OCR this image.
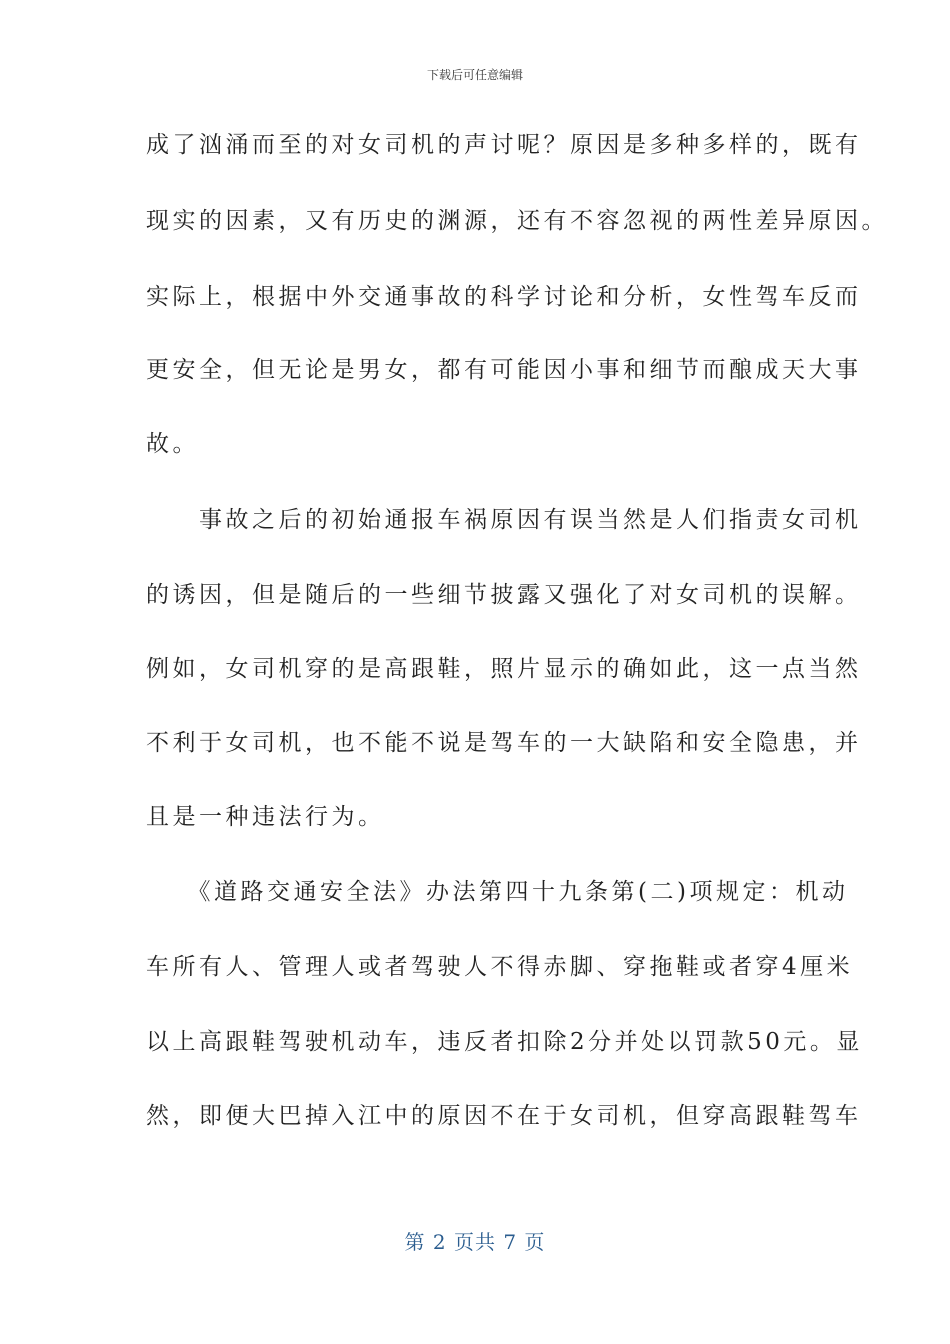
下载后可任意编辑
成了汹涌而至的对女司机的声讨呢？原因是多种多样的，既有
现实的因素，又有历史的渊源，还有不容忽视的两性差异原因。
实际上，根据中外交通事故的科学讨论和分析，女性驾车反而
更安全，但无论是男女，都有可能因小事和细节而酿成天大事
故。
　　事故之后的初始通报车祸原因有误当然是人们指责女司机
的诱因，但是随后的一些细节披露又强化了对女司机的误解。
例如，女司机穿的是高跟鞋，照片显示的确如此，这一点当然
不利于女司机，也不能不说是驾车的一大缺陷和安全隐患，并
且是一种违法行为。
　　《道路交通安全法》办法第四十九条第(二)项规定：机动
车所有人、管理人或者驾驶人不得赤脚、穿拖鞋或者穿4厘米
以上高跟鞋驾驶机动车，违反者扣除2分并处以罚款50元。显
然，即便大巴掉入江中的原因不在于女司机，但穿高跟鞋驾车
第 2 页共 7 页
